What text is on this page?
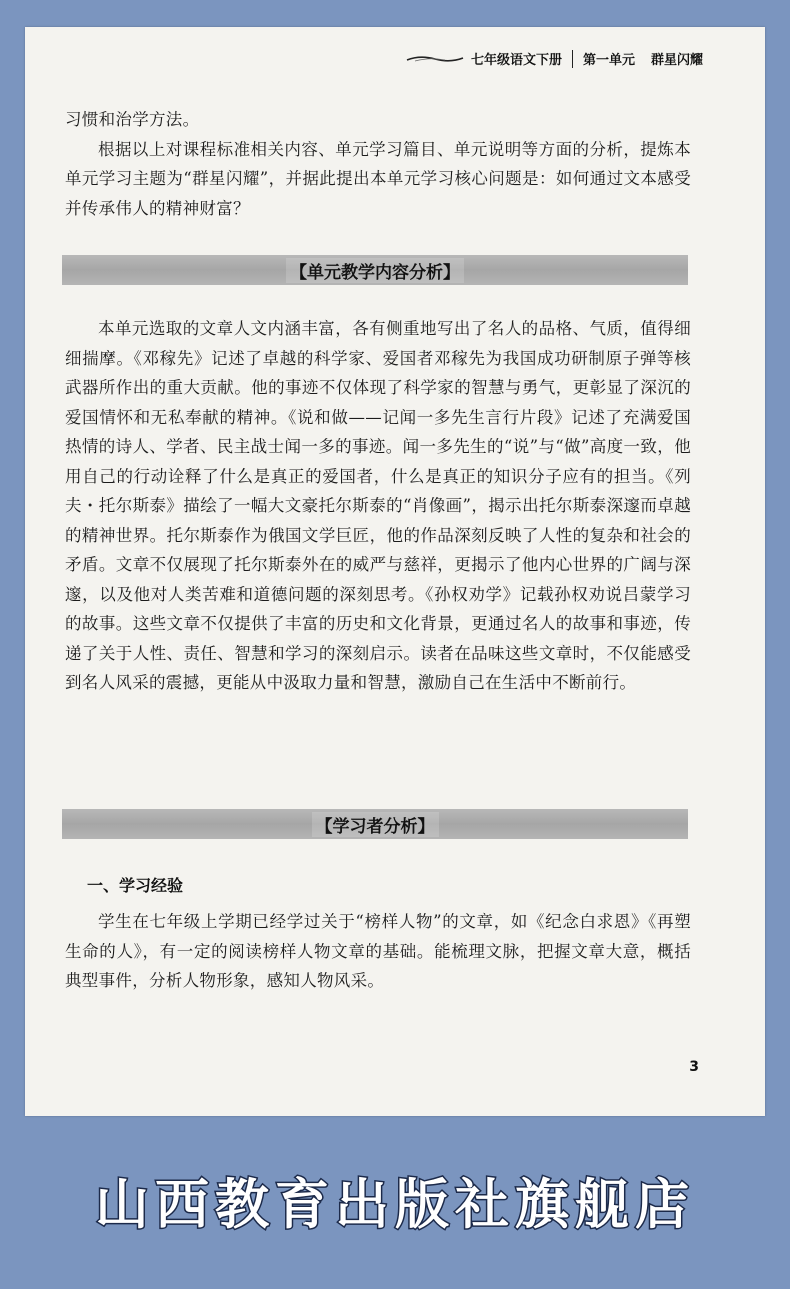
七年级语文下册 第一单元 群星闪耀

习惯和治学方法。

根据以上对课程标准相关内容、单元学习篇目、单元说明等方面的分析，提炼本单元学习主题为“群星闪耀”，并据此提出本单元学习核心问题是：如何通过文本感受并传承伟人的精神财富？

【单元教学内容分析】

本单元选取的文章人文内涵丰富，各有侧重地写出了名人的品格、气质，值得细细揣摩。《邓稼先》记述了卓越的科学家、爱国者邓稼先为我国成功研制原子弹等核武器所作出的重大贡献。他的事迹不仅体现了科学家的智慧与勇气，更彰显了深沉的爱国情怀和无私奉献的精神。《说和做——记闻一多先生言行片段》记述了充满爱国热情的诗人、学者、民主战士闻一多的事迹。闻一多先生的“说”与“做”高度一致，他用自己的行动诠释了什么是真正的爱国者，什么是真正的知识分子应有的担当。《列夫・托尔斯泰》描绘了一幅大文豪托尔斯泰的“肖像画”，揭示出托尔斯泰深邃而卓越的精神世界。托尔斯泰作为俄国文学巨匠，他的作品深刻反映了人性的复杂和社会的矛盾。文章不仅展现了托尔斯泰外在的威严与慈祥，更揭示了他内心世界的广阔与深邃，以及他对人类苦难和道德问题的深刻思考。《孙权劝学》记载孙权劝说吕蒙学习的故事。这些文章不仅提供了丰富的历史和文化背景，更通过名人的故事和事迹，传递了关于人性、责任、智慧和学习的深刻启示。读者在品味这些文章时，不仅能感受到名人风采的震撼，更能从中汲取力量和智慧，激励自己在生活中不断前行。

【学习者分析】
一、学习经验

学生在七年级上学期已经学过关于“榜样人物”的文章，如《纪念白求恩》《再塑生命的人》，有一定的阅读榜样人物文章的基础。能梳理文脉，把握文章大意，概括典型事件，分析人物形象，感知人物风采。

3
山西教育出版社旗舰店
